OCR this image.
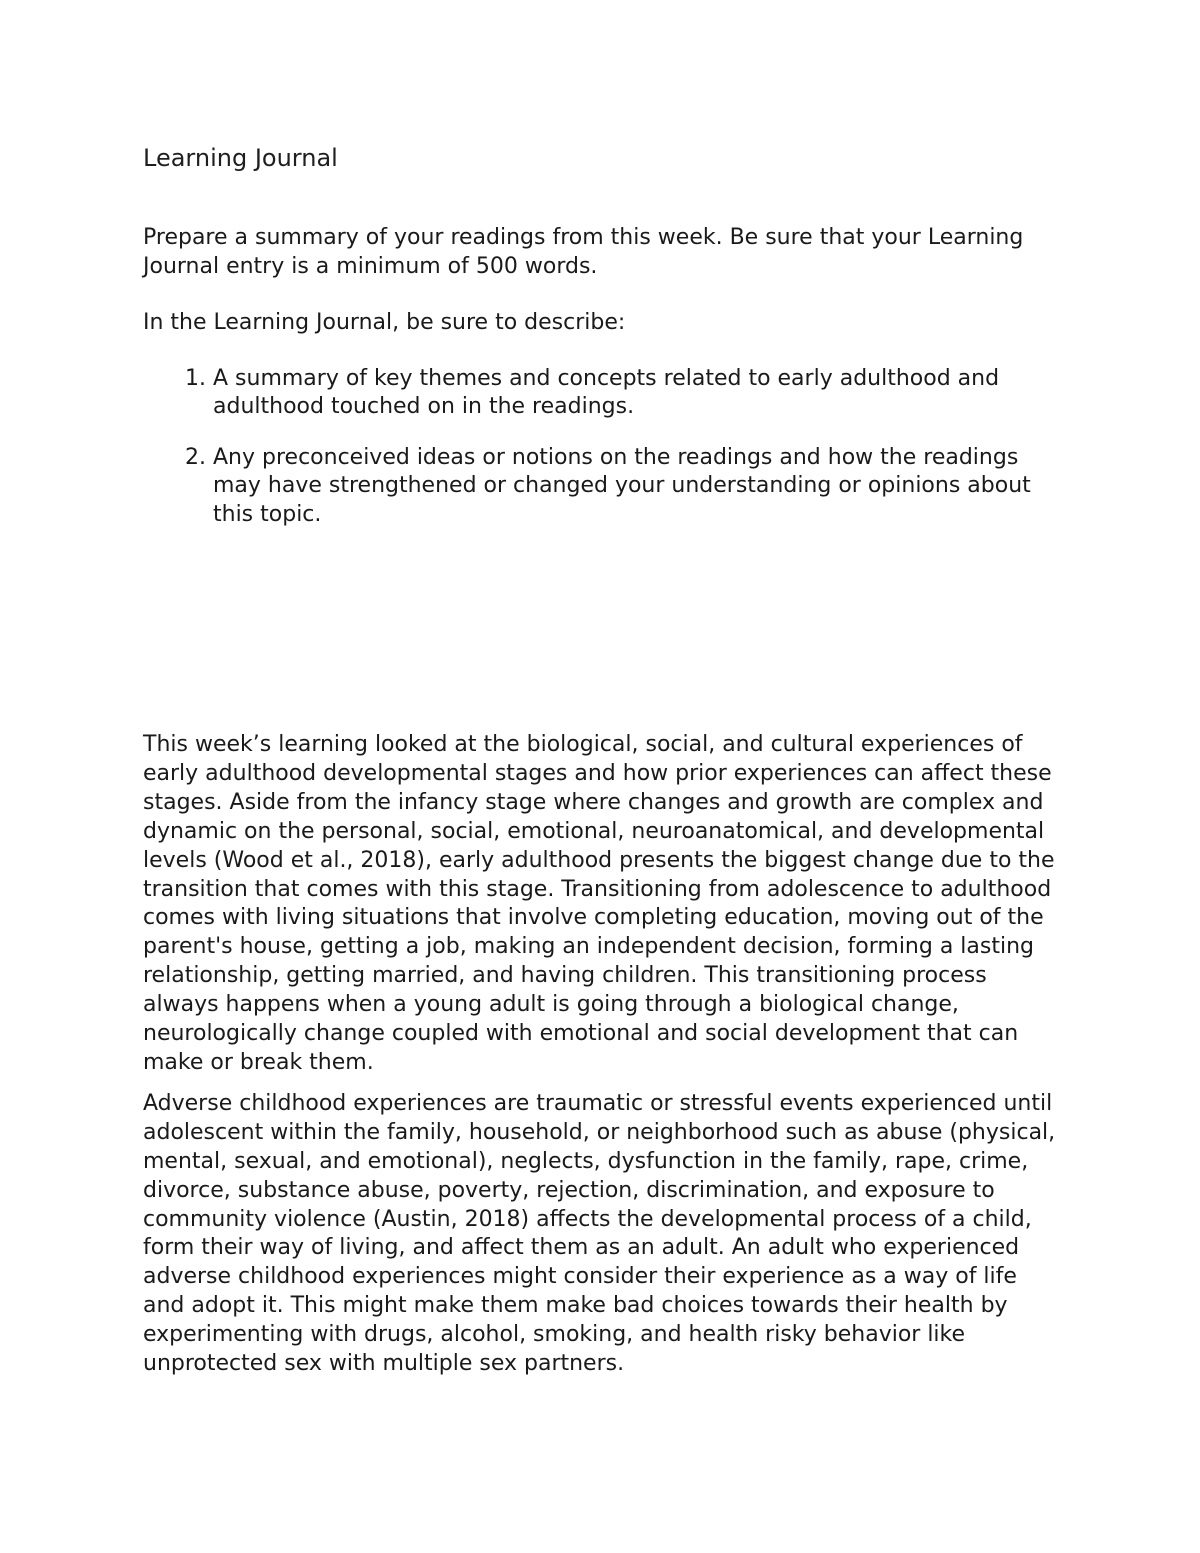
Learning Journal

Prepare a summary of your readings from this week. Be sure that your Learning Journal entry is a minimum of 500 words.

In the Learning Journal, be sure to describe:

1. A summary of key themes and concepts related to early adulthood and adulthood touched on in the readings.
2. Any preconceived ideas or notions on the readings and how the readings may have strengthened or changed your understanding or opinions about this topic.

This week’s learning looked at the biological, social, and cultural experiences of early adulthood developmental stages and how prior experiences can affect these stages. Aside from the infancy stage where changes and growth are complex and dynamic on the personal, social, emotional, neuroanatomical, and developmental levels (Wood et al., 2018), early adulthood presents the biggest change due to the transition that comes with this stage. Transitioning from adolescence to adulthood comes with living situations that involve completing education, moving out of the parent's house, getting a job, making an independent decision, forming a lasting relationship, getting married, and having children. This transitioning process always happens when a young adult is going through a biological change, neurologically change coupled with emotional and social development that can make or break them.

Adverse childhood experiences are traumatic or stressful events experienced until adolescent within the family, household, or neighborhood such as abuse (physical, mental, sexual, and emotional), neglects, dysfunction in the family, rape, crime, divorce, substance abuse, poverty, rejection, discrimination, and exposure to community violence (Austin, 2018) affects the developmental process of a child, form their way of living, and affect them as an adult. An adult who experienced adverse childhood experiences might consider their experience as a way of life and adopt it. This might make them make bad choices towards their health by experimenting with drugs, alcohol, smoking, and health risky behavior like unprotected sex with multiple sex partners.
